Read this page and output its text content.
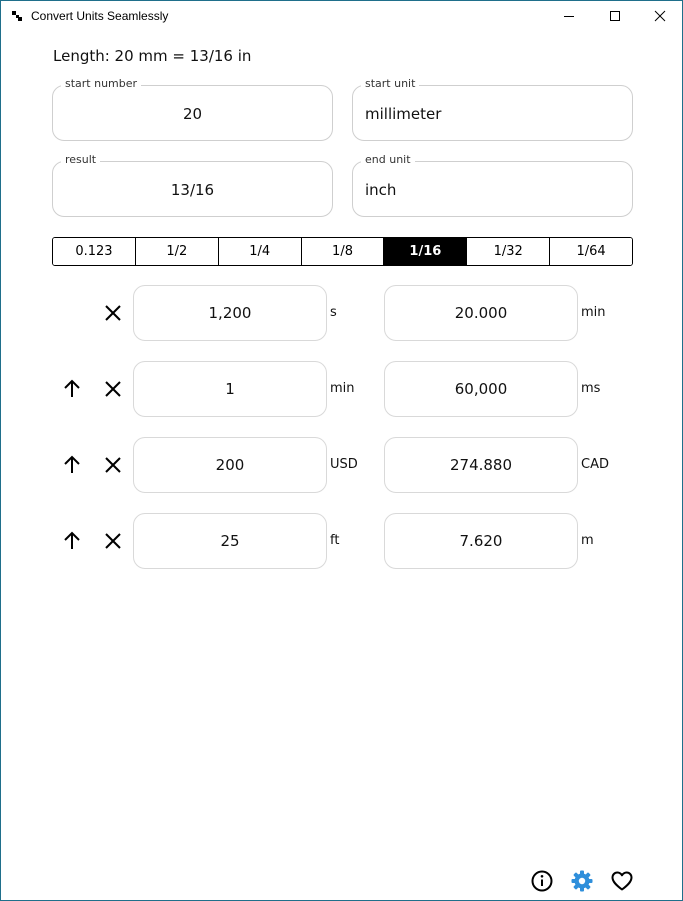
Convert Units Seamlessly
Length: 20 mm = 13/16 in
start number
20
start unit
millimeter
result
13/16
end unit
inch
0.123	1/2	1/4	1/8	1/16	1/32	1/64
1,200	s	20.000	min
1	min	60,000	ms
200	USD	274.880	CAD
25	ft	7.620	m
